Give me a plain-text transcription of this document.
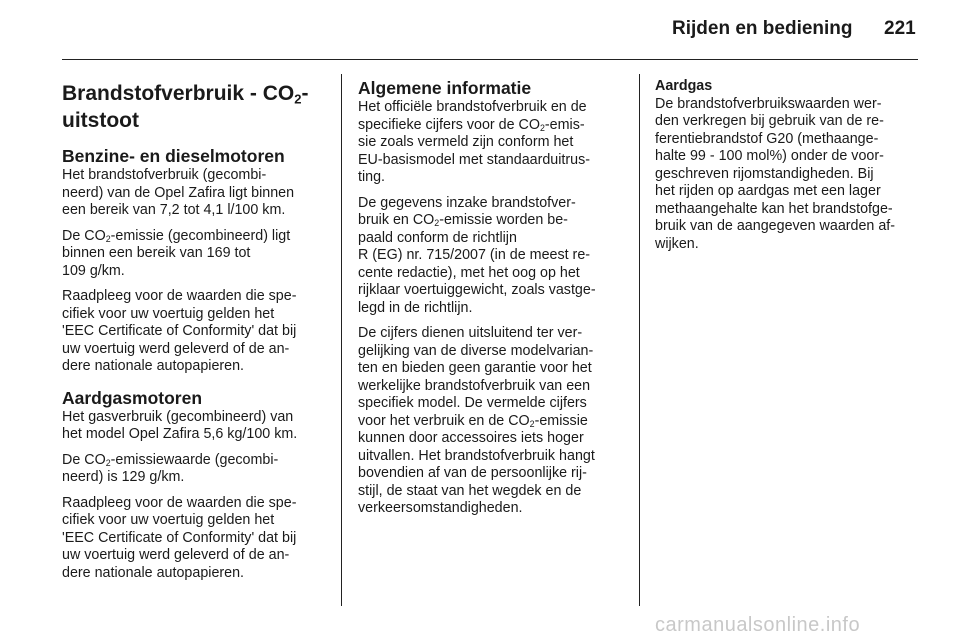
Rijden en bediening 221
Brandstofverbruik - $CO_2-$
uitstoot
Benzine- en dieselmotoren

Het brandstofverbruik (gecombi-
neerd) van de Opel Zafira ligt binnen
een bereik van 7,2 tot 4,1 l/100 km.

De $CO_2$-emissie (gecombineerd) ligt
binnen een bereik van 169 tot
109 g/km.

Raadpleeg voor de waarden die spe-
cifiek voor uw voertuig gelden het
'EEC Certificate of Conformity' dat bij
uw voertuig werd geleverd of de an-
dere nationale autopapieren.

Aardgasmotoren

Het gasverbruik (gecombineerd) van
het model Opel Zafira 5,6 kg/100 km.

De $CO_2$-emissiewaarde (gecombi-
neerd) is 129 g/km.

Raadpleeg voor de waarden die spe-
cifiek voor uw voertuig gelden het
'EEC Certificate of Conformity' dat bij
uw voertuig werd geleverd of de an-
dere nationale autopapieren.

Algemene informatie

Het officiële brandstofverbruik en de
specifieke cijfers voor de $CO_2-emis-$
sie zoals vermeld zijn conform het
EU-basismodel met standaarduitrus-
ting.

De gegevens inzake brandstofver-
bruik en $CO_2$-emissie worden be-
paald conform de richtlijn
R (EG) nr. 715/2007 (in de meest re-
cente redactie), met het oog op het
rijklaar voertuiggewicht, zoals vastge-
legd in de richtlijn.

De cijfers dienen uitsluitend ter ver-
gelijking van de diverse modelvarian-
ten en bieden geen garantie voor het
werkelijke brandstofverbruik van een
specifiek model. De vermelde cijfers
voor het verbruik en de $CO_2$-emissie
kunnen door accessoires iets hoger
uitvallen. Het brandstofverbruik hangt
bovendien af van de persoonlijke rij-
stijl, de staat van het wegdek en de
verkeersomstandigheden.

Aardgas

De brandstofverbruikswaarden wer-
den verkregen bij gebruik van de re-
ferentiebrandstof G20 (methaange-
halte 99 - 100 mol%) onder de voor-
geschreven rijomstandigheden. Bij
het rijden op aardgas met een lager
methaangehalte kan het brandstofge-
bruik van de aangegeven waarden af-
wijken.

carmanualsonline.info
